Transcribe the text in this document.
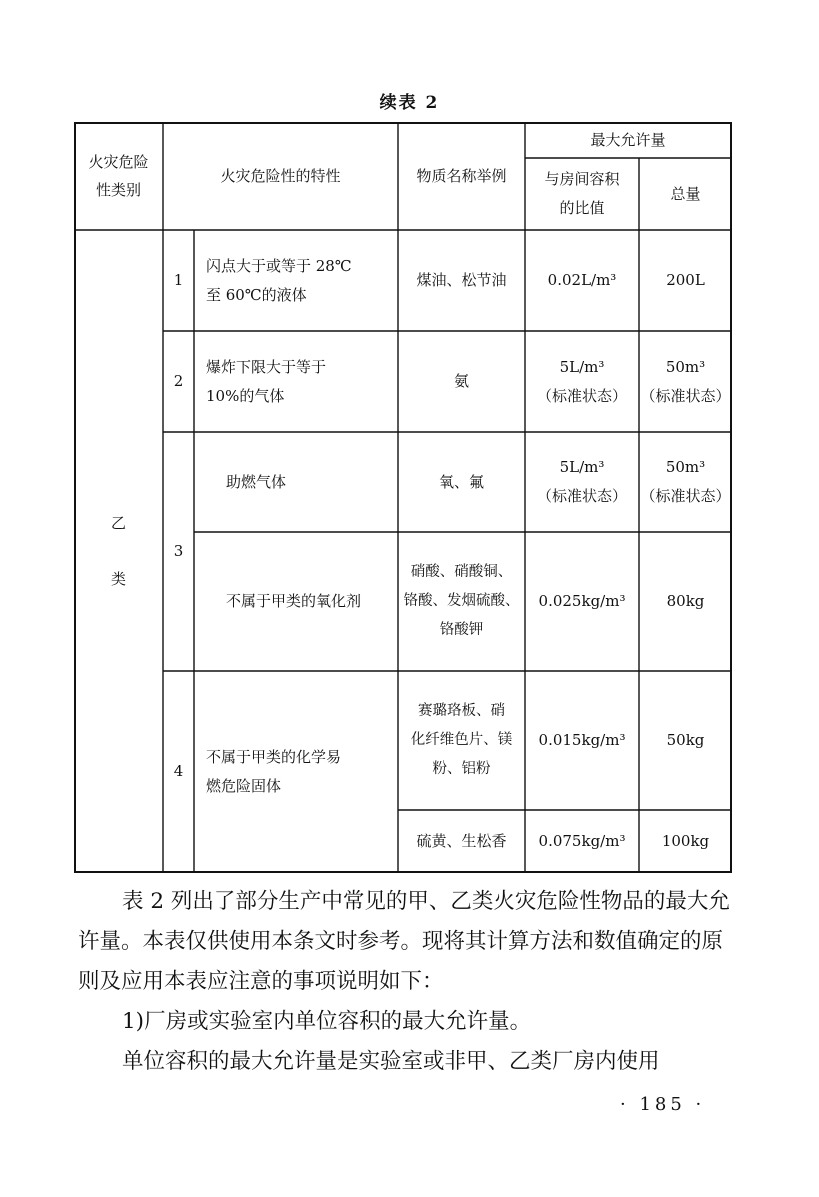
续表 2
火灾危险
性类别
火灾危险性的特性	物质名称举例
最大允许量
与房间容积
的比值
总量
乙

类
1
2
3
4
闪点大于或等于 28℃
至 60℃的液体
爆炸下限大于等于
10%的气体
助燃气体
不属于甲类的氧化剂
不属于甲类的化学易
燃危险固体
煤油、松节油
氨
氧、氟
硝酸、硝酸铜、
铬酸、发烟硫酸、
铬酸钾
赛璐珞板、硝
化纤维色片、镁
粉、铝粉
硫黄、生松香
0.02L/m³
5L/m³
（标准状态）
5L/m³
（标准状态）
0.025kg/m³
0.015kg/m³
0.075kg/m³
200L
50m³
（标准状态）
50m³
（标准状态）
80kg
50kg
100kg

表 2 列出了部分生产中常见的甲、乙类火灾危险性物品的最大允许量。本表仅供使用本条文时参考。现将其计算方法和数值确定的原则及应用本表应注意的事项说明如下：

1)厂房或实验室内单位容积的最大允许量。

单位容积的最大允许量是实验室或非甲、乙类厂房内使用

· 185 ·
